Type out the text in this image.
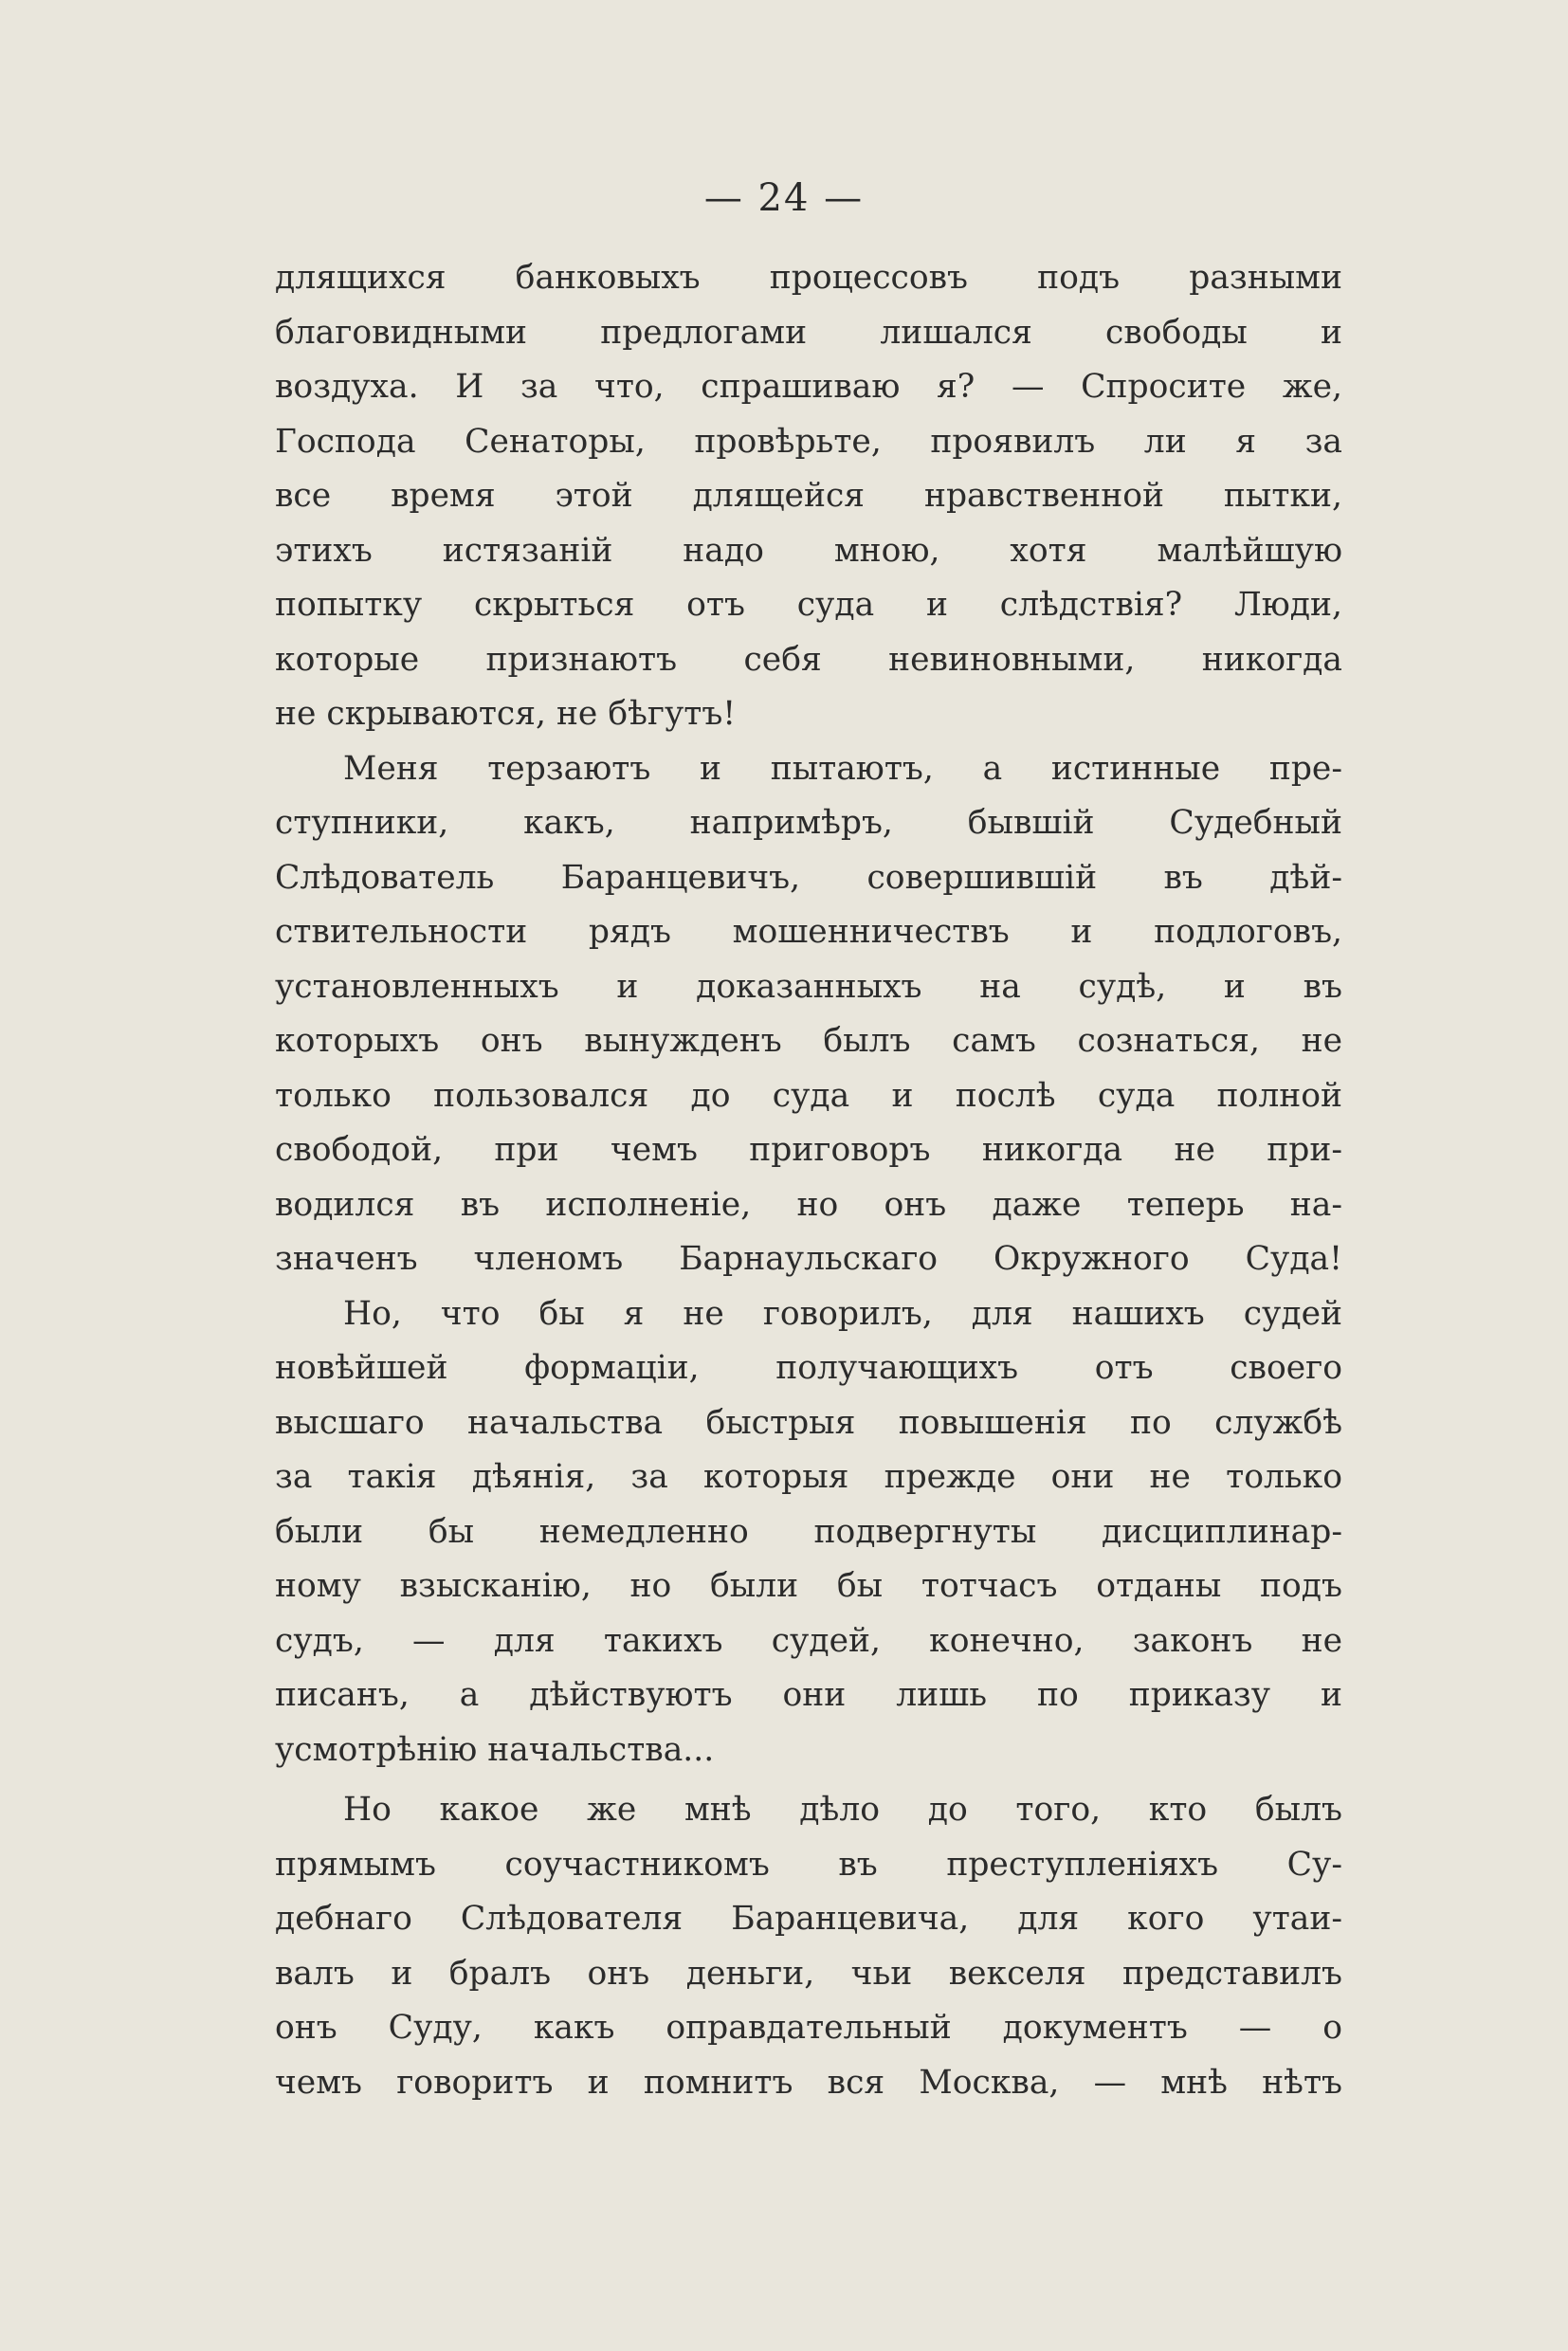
— 24 —
длящихся банковыхъ процессовъ подъ разными
благовидными предлогами лишался свободы и
воздуха. И за что, спрашиваю я? — Спросите же,
Господа Сенаторы, провѣрьте, проявилъ ли я за
все время этой длящейся нравственной пытки,
этихъ истязаній надо мною, хотя малѣйшую
попытку скрыться отъ суда и слѣдствія? Люди,
которые признаютъ себя невиновными, никогда
не скрываются, не бѣгутъ!
Меня терзаютъ и пытаютъ, а истинные пре-
ступники, какъ, напримѣръ, бывшій Судебный
Слѣдователь Баранцевичъ, совершившій въ дѣй-
ствительности рядъ мошенничествъ и подлоговъ,
установленныхъ и доказанныхъ на судѣ, и въ
которыхъ онъ вынужденъ былъ самъ сознаться, не
только пользовался до суда и послѣ суда полной
свободой, при чемъ приговоръ никогда не при-
водился въ исполненіе, но онъ даже теперь на-
значенъ членомъ Барнаульскаго Окружного Суда!
Но, что бы я не говорилъ, для нашихъ судей
новѣйшей формаціи, получающихъ отъ своего
высшаго начальства быстрыя повышенія по службѣ
за такія дѣянія, за которыя прежде они не только
были бы немедленно подвергнуты дисциплинар-
ному взысканію, но были бы тотчасъ отданы подъ
судъ, — для такихъ судей, конечно, законъ не
писанъ, а дѣйствуютъ они лишь по приказу и
усмотрѣнію начальства...
Но какое же мнѣ дѣло до того, кто былъ
прямымъ соучастникомъ въ преступленіяхъ Су-
дебнаго Слѣдователя Баранцевича, для кого утаи-
валъ и бралъ онъ деньги, чьи векселя представилъ
онъ Суду, какъ оправдательный документъ — о
чемъ говоритъ и помнитъ вся Москва, — мнѣ нѣтъ
